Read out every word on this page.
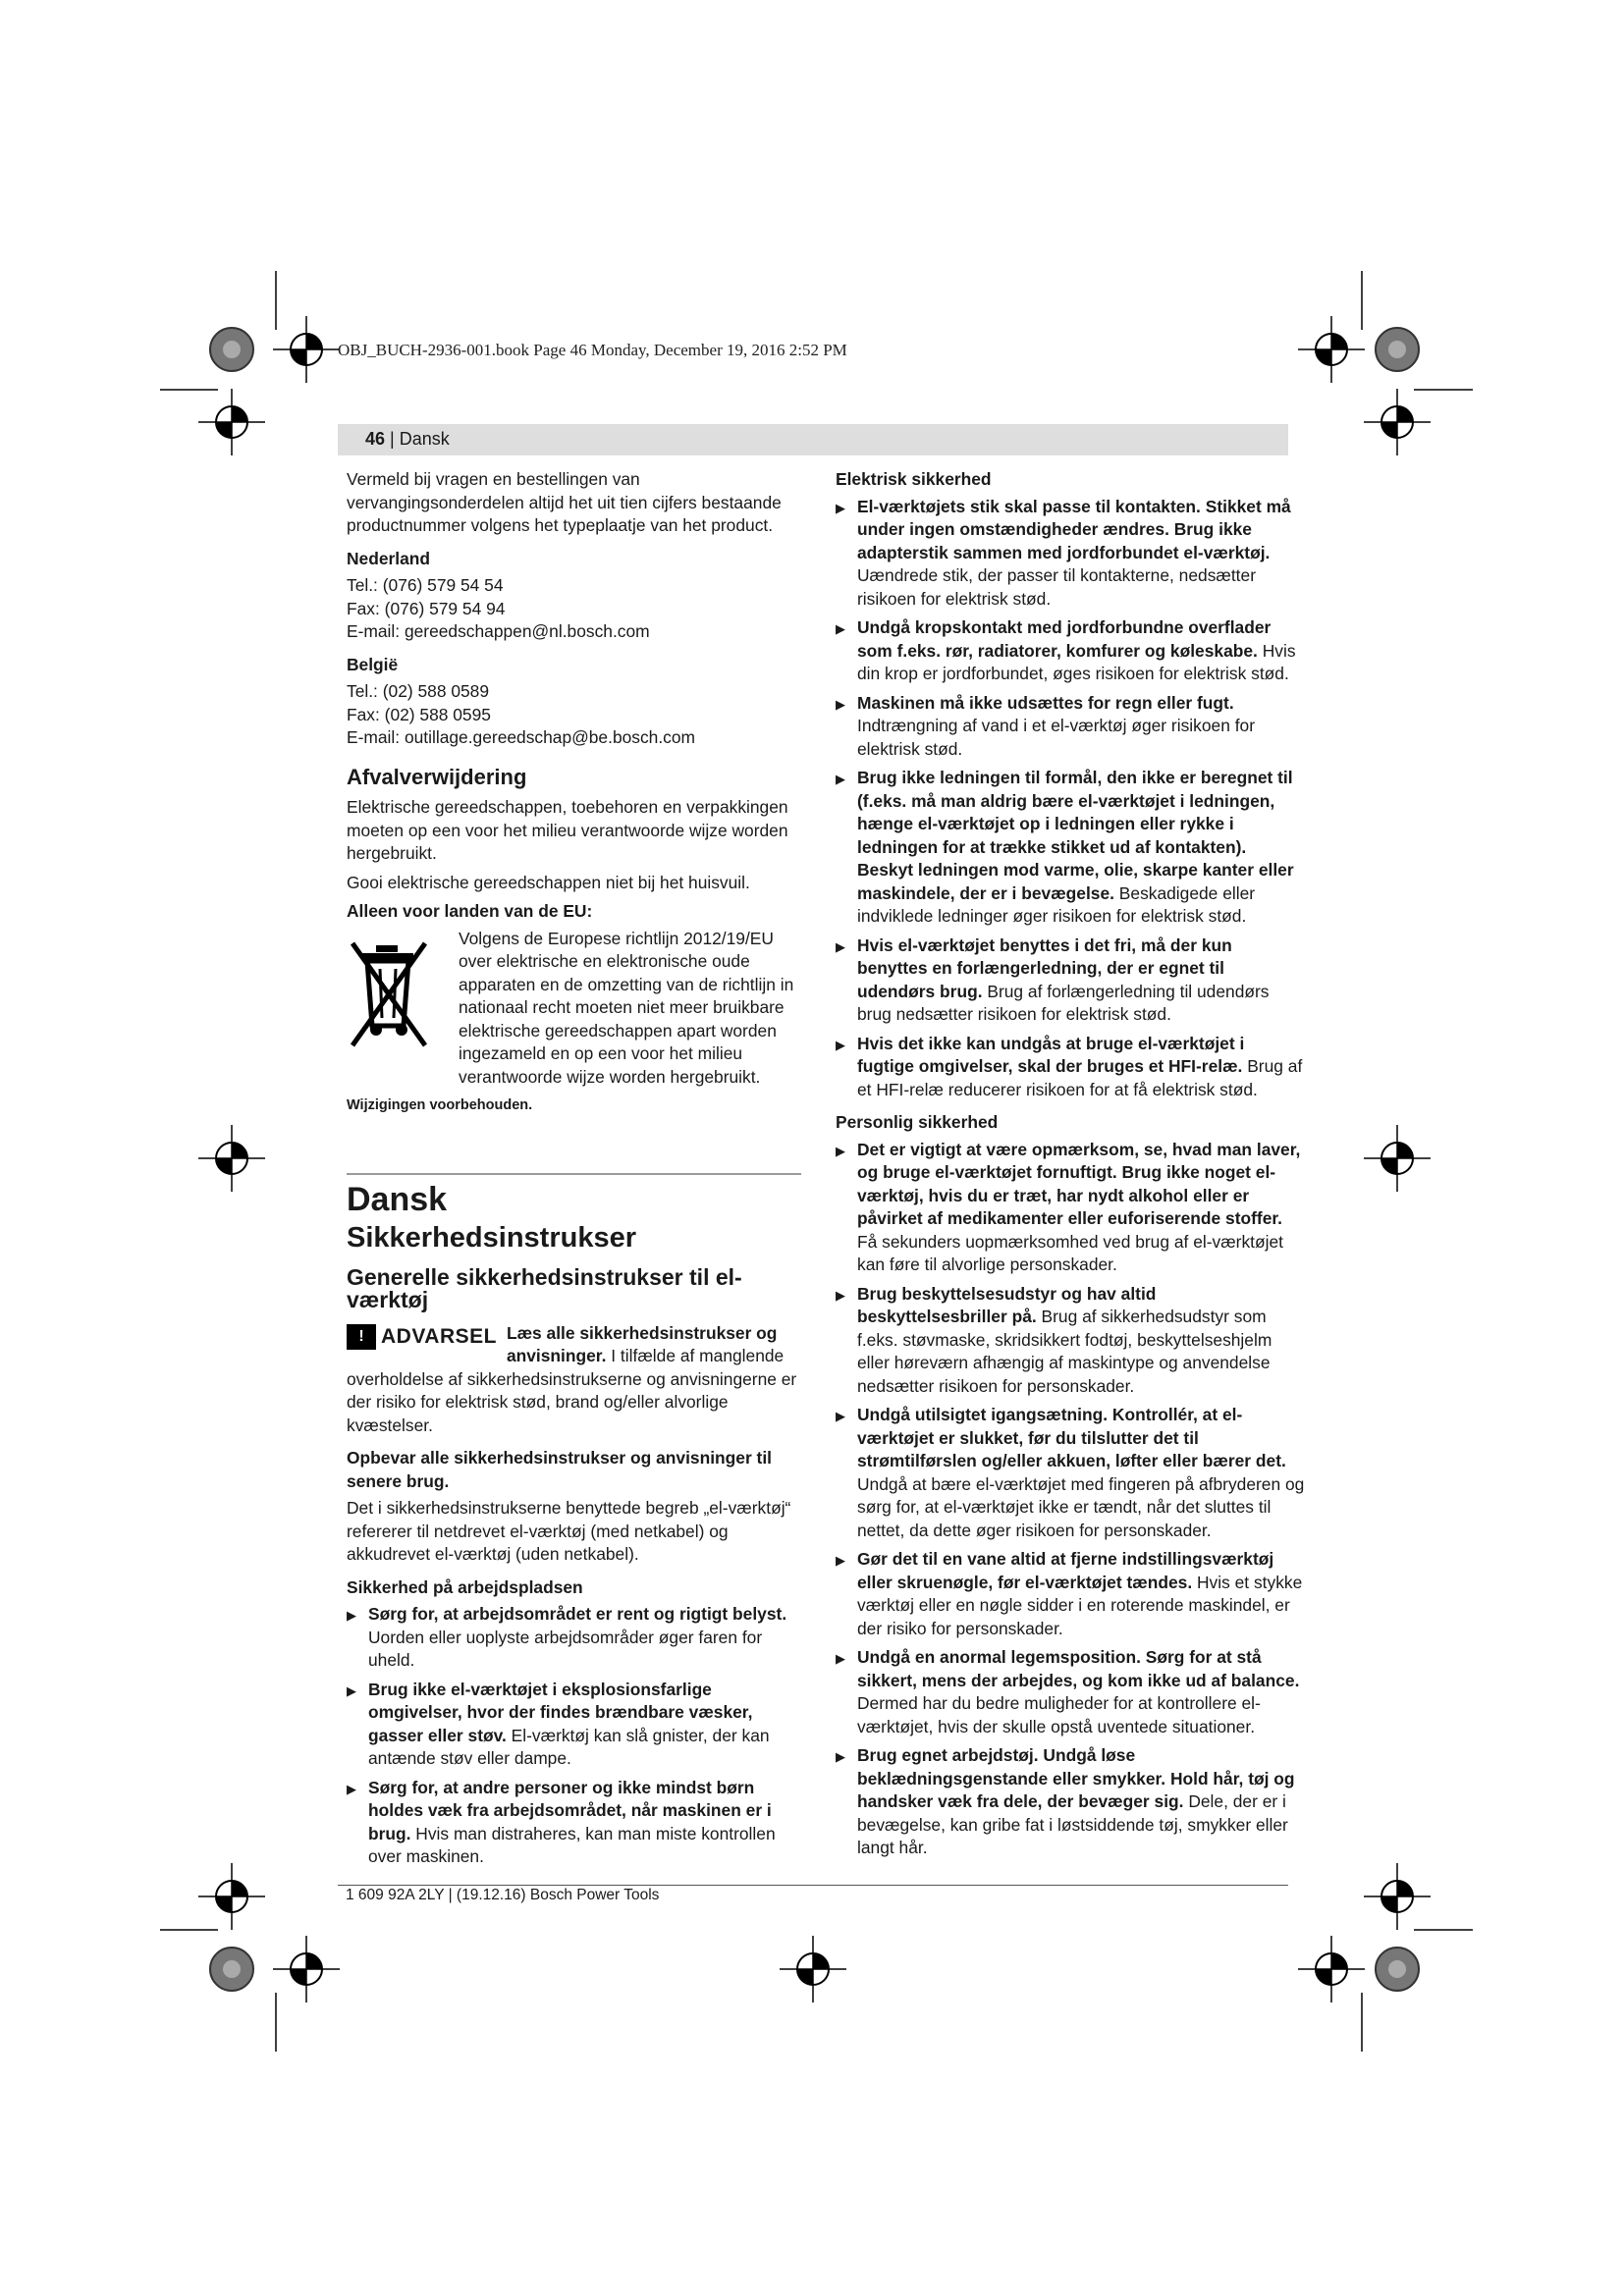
OBJ_BUCH-2936-001.book Page 46 Monday, December 19, 2016 2:52 PM
46 | Dansk

Vermeld bij vragen en bestellingen van vervangingsonderdelen altijd het uit tien cijfers bestaande productnummer volgens het typeplaatje van het product.

Nederland
Tel.: (076) 579 54 54
Fax: (076) 579 54 94
E-mail: gereedschappen@nl.bosch.com
België
Tel.: (02) 588 0589
Fax: (02) 588 0595
E-mail: outillage.gereedschap@be.bosch.com
Afvalverwijdering

Elektrische gereedschappen, toebehoren en verpakkingen moeten op een voor het milieu verantwoorde wijze worden hergebruikt.

Gooi elektrische gereedschappen niet bij het huisvuil.

Alleen voor landen van de EU:
Volgens de Europese richtlijn 2012/19/EU over elektrische en elektronische oude apparaten en de omzetting van de richtlijn in nationaal recht moeten niet meer bruikbare elektrische gereedschappen apart worden ingezameld en op een voor het milieu verantwoorde wijze worden hergebruikt.
Wijzigingen voorbehouden.
Dansk
Sikkerhedsinstrukser
Generelle sikkerhedsinstrukser til el-værktøj
! ADVARSEL Læs alle sikkerhedsinstrukser og anvisninger. I tilfælde af manglende overholdelse af sikkerhedsinstrukserne og anvisningerne er der risiko for elektrisk stød, brand og/eller alvorlige kvæstelser.
Opbevar alle sikkerhedsinstrukser og anvisninger til senere brug.

Det i sikkerhedsinstrukserne benyttede begreb „el-værktøj“ refererer til netdrevet el-værktøj (med netkabel) og akkudrevet el-værktøj (uden netkabel).

Sikkerhed på arbejdspladsen
▶ Sørg for, at arbejdsområdet er rent og rigtigt belyst. Uorden eller uoplyste arbejdsområder øger faren for uheld.
▶ Brug ikke el-værktøjet i eksplosionsfarlige omgivelser, hvor der findes brændbare væsker, gasser eller støv. El-værktøj kan slå gnister, der kan antænde støv eller dampe.
▶ Sørg for, at andre personer og ikke mindst børn holdes væk fra arbejdsområdet, når maskinen er i brug. Hvis man distraheres, kan man miste kontrollen over maskinen.
Elektrisk sikkerhed
▶ El-værktøjets stik skal passe til kontakten. Stikket må under ingen omstændigheder ændres. Brug ikke adapterstik sammen med jordforbundet el-værktøj. Uændrede stik, der passer til kontakterne, nedsætter risikoen for elektrisk stød.
▶ Undgå kropskontakt med jordforbundne overflader som f.eks. rør, radiatorer, komfurer og køleskabe. Hvis din krop er jordforbundet, øges risikoen for elektrisk stød.
▶ Maskinen må ikke udsættes for regn eller fugt. Indtrængning af vand i et el-værktøj øger risikoen for elektrisk stød.
▶ Brug ikke ledningen til formål, den ikke er beregnet til (f.eks. må man aldrig bære el-værktøjet i ledningen, hænge el-værktøjet op i ledningen eller rykke i ledningen for at trække stikket ud af kontakten). Beskyt ledningen mod varme, olie, skarpe kanter eller maskindele, der er i bevægelse. Beskadigede eller indviklede ledninger øger risikoen for elektrisk stød.
▶ Hvis el-værktøjet benyttes i det fri, må der kun benyttes en forlængerledning, der er egnet til udendørs brug. Brug af forlængerledning til udendørs brug nedsætter risikoen for elektrisk stød.
▶ Hvis det ikke kan undgås at bruge el-værktøjet i fugtige omgivelser, skal der bruges et HFI-relæ. Brug af et HFI-relæ reducerer risikoen for at få elektrisk stød.
Personlig sikkerhed
▶ Det er vigtigt at være opmærksom, se, hvad man laver, og bruge el-værktøjet fornuftigt. Brug ikke noget el-værktøj, hvis du er træt, har nydt alkohol eller er påvirket af medikamenter eller euforiserende stoffer. Få sekunders uopmærksomhed ved brug af el-værktøjet kan føre til alvorlige personskader.
▶ Brug beskyttelsesudstyr og hav altid beskyttelsesbriller på. Brug af sikkerhedsudstyr som f.eks. støvmaske, skridsikkert fodtøj, beskyttelseshjelm eller høreværn afhængig af maskintype og anvendelse nedsætter risikoen for personskader.
▶ Undgå utilsigtet igangsætning. Kontrollér, at el-værktøjet er slukket, før du tilslutter det til strømtilførslen og/eller akkuen, løfter eller bærer det. Undgå at bære el-værktøjet med fingeren på afbryderen og sørg for, at el-værktøjet ikke er tændt, når det sluttes til nettet, da dette øger risikoen for personskader.
▶ Gør det til en vane altid at fjerne indstillingsværktøj eller skruenøgle, før el-værktøjet tændes. Hvis et stykke værktøj eller en nøgle sidder i en roterende maskindel, er der risiko for personskader.
▶ Undgå en anormal legemsposition. Sørg for at stå sikkert, mens der arbejdes, og kom ikke ud af balance. Dermed har du bedre muligheder for at kontrollere el-værktøjet, hvis der skulle opstå uventede situationer.
▶ Brug egnet arbejdstøj. Undgå løse beklædningsgenstande eller smykker. Hold hår, tøj og handsker væk fra dele, der bevæger sig. Dele, der er i bevægelse, kan gribe fat i løstsiddende tøj, smykker eller langt hår.
1 609 92A 2LY | (19.12.16) Bosch Power Tools
